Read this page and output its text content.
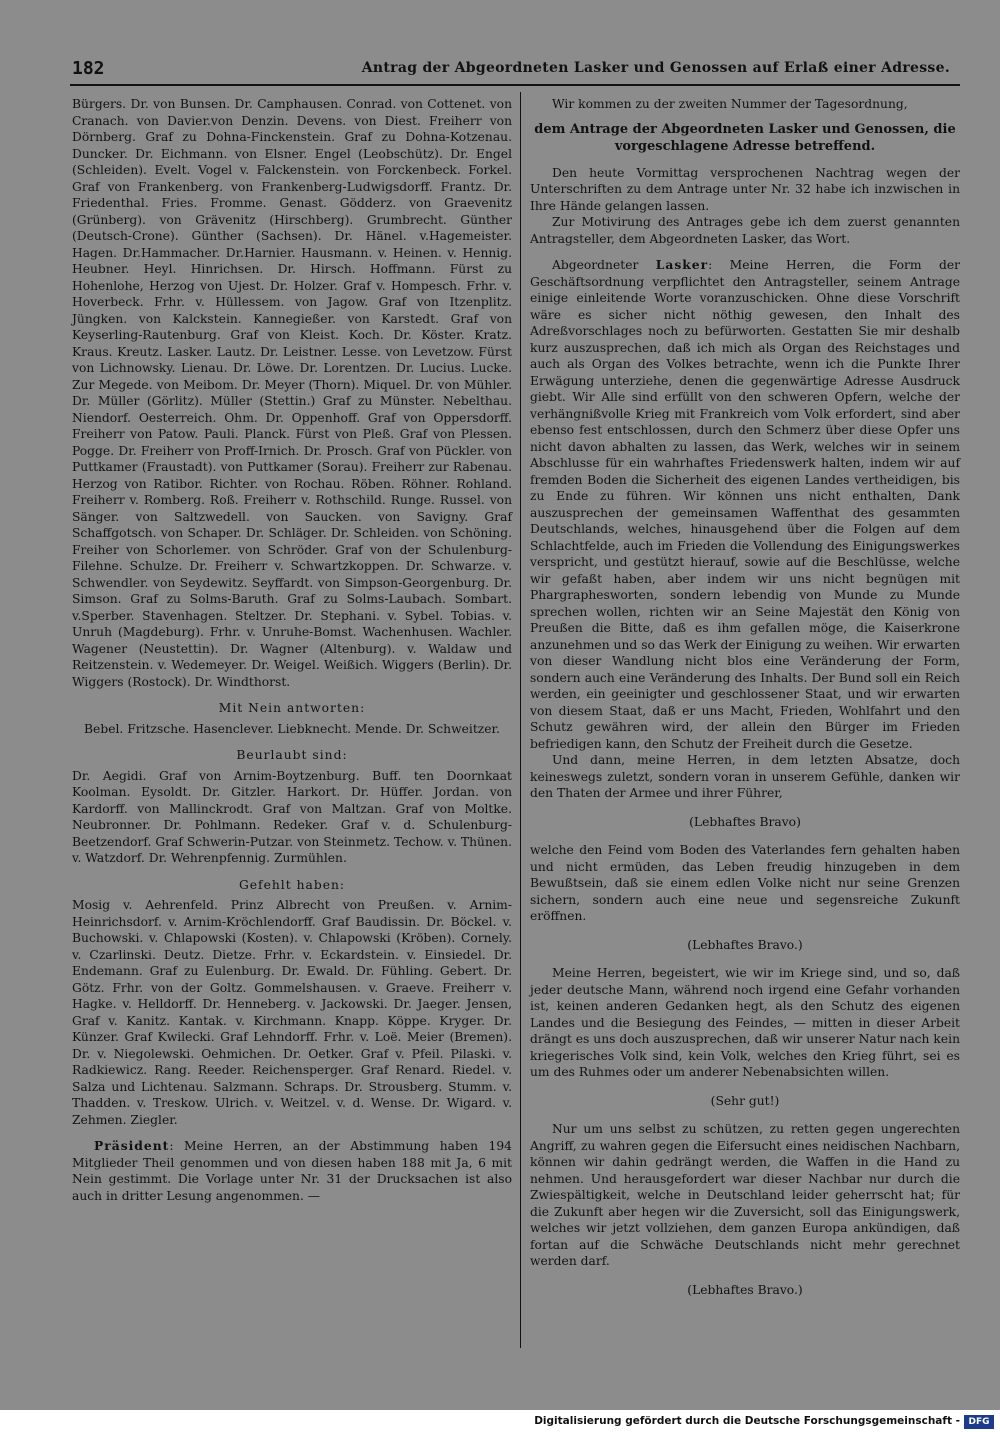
182	Antrag der Abgeordneten Lasker und Genossen auf Erlaß einer Adresse.

Bürgers. Dr. von Bunsen. Dr. Camphausen. Conrad. von Cottenet. von Cranach. von Davier.von Denzin. Devens. von Diest. Freiherr von Dörnberg. Graf zu Dohna-Finckenstein. Graf zu Dohna-Kotzenau. Duncker. Dr. Eichmann. von Elsner. Engel (Leobschütz). Dr. Engel (Schleiden). Evelt. Vogel v. Falckenstein. von Forckenbeck. Forkel. Graf von Frankenberg. von Frankenberg-Ludwigsdorff. Frantz. Dr. Friedenthal. Fries. Fromme. Genast. Gödderz. von Graevenitz (Grünberg). von Grävenitz (Hirschberg). Grumbrecht. Günther (Deutsch-Crone). Günther (Sachsen). Dr. Hänel. v.Hagemeister. Hagen. Dr.Hammacher. Dr.Harnier. Hausmann. v. Heinen. v. Hennig. Heubner. Heyl. Hinrichsen. Dr. Hirsch. Hoffmann. Fürst zu Hohenlohe, Herzog von Ujest. Dr. Holzer. Graf v. Hompesch. Frhr. v. Hoverbeck. Frhr. v. Hüllessem. von Jagow. Graf von Itzenplitz. Jüngken. von Kalckstein. Kannegießer. von Karstedt. Graf von Keyserling-Rautenburg. Graf von Kleist. Koch. Dr. Köster. Kratz. Kraus. Kreutz. Lasker. Lautz. Dr. Leistner. Lesse. von Levetzow. Fürst von Lichnowsky. Lienau. Dr. Löwe. Dr. Lorentzen. Dr. Lucius. Lucke. Zur Megede. von Meibom. Dr. Meyer (Thorn). Miquel. Dr. von Mühler. Dr. Müller (Görlitz). Müller (Stettin.) Graf zu Münster. Nebelthau. Niendorf. Oesterreich. Ohm. Dr. Oppenhoff. Graf von Oppersdorff. Freiherr von Patow. Pauli. Planck. Fürst von Pleß. Graf von Plessen. Pogge. Dr. Freiherr von Proff-Irnich. Dr. Prosch. Graf von Pückler. von Puttkamer (Fraustadt). von Puttkamer (Sorau). Freiherr zur Rabenau. Herzog von Ratibor. Richter. von Rochau. Röben. Röhner. Rohland. Freiherr v. Romberg. Roß. Freiherr v. Rothschild. Runge. Russel. von Sänger. von Saltzwedell. von Saucken. von Savigny. Graf Schaffgotsch. von Schaper. Dr. Schläger. Dr. Schleiden. von Schöning. Freiher von Schorlemer. von Schröder. Graf von der Schulenburg-Filehne. Schulze. Dr. Freiherr v. Schwartzkoppen. Dr. Schwarze. v. Schwendler. von Seydewitz. Seyffardt. von Simpson-Georgenburg. Dr. Simson. Graf zu Solms-Baruth. Graf zu Solms-Laubach. Sombart. v.Sperber. Stavenhagen. Steltzer. Dr. Stephani. v. Sybel. Tobias. v. Unruh (Magdeburg). Frhr. v. Unruhe-Bomst. Wachenhusen. Wachler. Wagener (Neustettin). Dr. Wagner (Altenburg). v. Waldaw und Reitzenstein. v. Wedemeyer. Dr. Weigel. Weißich. Wiggers (Berlin). Dr. Wiggers (Rostock). Dr. Windthorst.

Mit Nein antworten:

Bebel. Fritzsche. Hasenclever. Liebknecht. Mende. Dr. Schweitzer.

Beurlaubt sind:

Dr. Aegidi. Graf von Arnim-Boytzenburg. Buff. ten Doornkaat Koolman. Eysoldt. Dr. Gitzler. Harkort. Dr. Hüffer. Jordan. von Kardorff. von Mallinckrodt. Graf von Maltzan. Graf von Moltke. Neubronner. Dr. Pohlmann. Redeker. Graf v. d. Schulenburg-Beetzendorf. Graf Schwerin-Putzar. von Steinmetz. Techow. v. Thünen. v. Watzdorf. Dr. Wehrenpfennig. Zurmühlen.

Gefehlt haben:

Mosig v. Aehrenfeld. Prinz Albrecht von Preußen. v. Arnim-Heinrichsdorf. v. Arnim-Kröchlendorff. Graf Baudissin. Dr. Böckel. v. Buchowski. v. Chlapowski (Kosten). v. Chlapowski (Kröben). Cornely. v. Czarlinski. Deutz. Dietze. Frhr. v. Eckardstein. v. Einsiedel. Dr. Endemann. Graf zu Eulenburg. Dr. Ewald. Dr. Fühling. Gebert. Dr. Götz. Frhr. von der Goltz. Gommelshausen. v. Graeve. Freiherr v. Hagke. v. Helldorff. Dr. Henneberg. v. Jackowski. Dr. Jaeger. Jensen, Graf v. Kanitz. Kantak. v. Kirchmann. Knapp. Köppe. Kryger. Dr. Künzer. Graf Kwilecki. Graf Lehndorff. Frhr. v. Loë. Meier (Bremen). Dr. v. Niegolewski. Oehmichen. Dr. Oetker. Graf v. Pfeil. Pilaski. v. Radkiewicz. Rang. Reeder. Reichensperger. Graf Renard. Riedel. v. Salza und Lichtenau. Salzmann. Schraps. Dr. Strousberg. Stumm. v. Thadden. v. Treskow. Ulrich. v. Weitzel. v. d. Wense. Dr. Wigard. v. Zehmen. Ziegler.

Präsident: Meine Herren, an der Abstimmung haben 194 Mitglieder Theil genommen und von diesen haben 188 mit Ja, 6 mit Nein gestimmt. Die Vorlage unter Nr. 31 der Drucksachen ist also auch in dritter Lesung angenommen. —

Wir kommen zu der zweiten Nummer der Tagesordnung,

dem Antrage der Abgeordneten Lasker und Genossen, die vorgeschlagene Adresse betreffend.

Den heute Vormittag versprochenen Nachtrag wegen der Unterschriften zu dem Antrage unter Nr. 32 habe ich inzwischen in Ihre Hände gelangen lassen.

Zur Motivirung des Antrages gebe ich dem zuerst genannten Antragsteller, dem Abgeordneten Lasker, das Wort.

Abgeordneter Lasker: Meine Herren, die Form der Geschäftsordnung verpflichtet den Antragsteller, seinem Antrage einige einleitende Worte voranzuschicken. Ohne diese Vorschrift wäre es sicher nicht nöthig gewesen, den Inhalt des Adreßvorschlages noch zu befürworten. Gestatten Sie mir deshalb kurz auszusprechen, daß ich mich als Organ des Reichstages und auch als Organ des Volkes betrachte, wenn ich die Punkte Ihrer Erwägung unterziehe, denen die gegenwärtige Adresse Ausdruck giebt. Wir Alle sind erfüllt von den schweren Opfern, welche der verhängnißvolle Krieg mit Frankreich vom Volk erfordert, sind aber ebenso fest entschlossen, durch den Schmerz über diese Opfer uns nicht davon abhalten zu lassen, das Werk, welches wir in seinem Abschlusse für ein wahrhaftes Friedenswerk halten, indem wir auf fremden Boden die Sicherheit des eigenen Landes vertheidigen, bis zu Ende zu führen. Wir können uns nicht enthalten, Dank auszusprechen der gemeinsamen Waffenthat des gesammten Deutschlands, welches, hinausgehend über die Folgen auf dem Schlachtfelde, auch im Frieden die Vollendung des Einigungswerkes verspricht, und gestützt hierauf, sowie auf die Beschlüsse, welche wir gefaßt haben, aber indem wir uns nicht begnügen mit Phargraphesworten, sondern lebendig von Munde zu Munde sprechen wollen, richten wir an Seine Majestät den König von Preußen die Bitte, daß es ihm gefallen möge, die Kaiserkrone anzunehmen und so das Werk der Einigung zu weihen. Wir erwarten von dieser Wandlung nicht blos eine Veränderung der Form, sondern auch eine Veränderung des Inhalts. Der Bund soll ein Reich werden, ein geeinigter und geschlossener Staat, und wir erwarten von diesem Staat, daß er uns Macht, Frieden, Wohlfahrt und den Schutz gewähren wird, der allein den Bürger im Frieden befriedigen kann, den Schutz der Freiheit durch die Gesetze.

Und dann, meine Herren, in dem letzten Absatze, doch keineswegs zuletzt, sondern voran in unserem Gefühle, danken wir den Thaten der Armee und ihrer Führer,

(Lebhaftes Bravo)

welche den Feind vom Boden des Vaterlandes fern gehalten haben und nicht ermüden, das Leben freudig hinzugeben in dem Bewußtsein, daß sie einem edlen Volke nicht nur seine Grenzen sichern, sondern auch eine neue und segensreiche Zukunft eröffnen.

(Lebhaftes Bravo.)

Meine Herren, begeistert, wie wir im Kriege sind, und so, daß jeder deutsche Mann, während noch irgend eine Gefahr vorhanden ist, keinen anderen Gedanken hegt, als den Schutz des eigenen Landes und die Besiegung des Feindes, — mitten in dieser Arbeit drängt es uns doch auszusprechen, daß wir unserer Natur nach kein kriegerisches Volk sind, kein Volk, welches den Krieg führt, sei es um des Ruhmes oder um anderer Nebenabsichten willen.

(Sehr gut!)

Nur um uns selbst zu schützen, zu retten gegen ungerechten Angriff, zu wahren gegen die Eifersucht eines neidischen Nachbarn, können wir dahin gedrängt werden, die Waffen in die Hand zu nehmen. Und herausgefordert war dieser Nachbar nur durch die Zwiespältigkeit, welche in Deutschland leider geherrscht hat; für die Zukunft aber hegen wir die Zuversicht, soll das Einigungswerk, welches wir jetzt vollziehen, dem ganzen Europa ankündigen, daß fortan auf die Schwäche Deutschlands nicht mehr gerechnet werden darf.

(Lebhaftes Bravo.)
Digitalisierung gefördert durch die Deutsche Forschungsgemeinschaft - DFG
